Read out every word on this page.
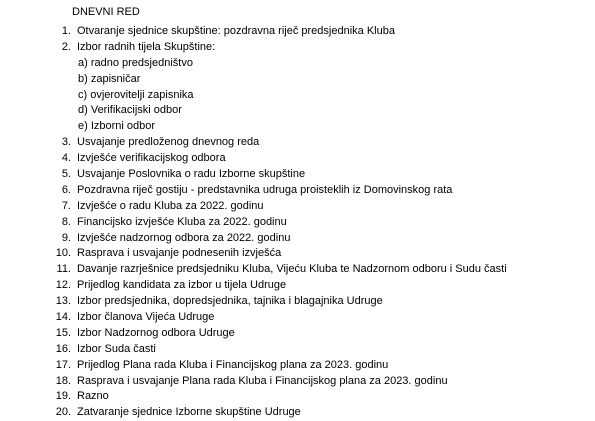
DNEVNI RED
1. Otvaranje sjednice skupštine: pozdravna riječ predsjednika Kluba
2. Izbor radnih tijela Skupštine:
a) radno predsjedništvo
b) zapisničar
c) ovjerovitelji zapisnika
d) Verifikacijski odbor
e) Izborni odbor
3. Usvajanje predloženog dnevnog reda
4. Izvješće verifikacijskog odbora
5. Usvajanje Poslovnika o radu Izborne skupštine
6. Pozdravna riječ gostiju - predstavnika udruga proisteklih iz Domovinskog rata
7. Izvješće o radu Kluba za 2022. godinu
8. Financijsko izvješće Kluba za 2022. godinu
9. Izvješće nadzornog odbora za 2022. godinu
10. Rasprava i usvajanje podnesenih izvješća
11. Davanje razrješnice predsjedniku Kluba, Vijeću Kluba te Nadzornom odboru i Sudu časti
12. Prijedlog kandidata za izbor u tijela Udruge
13. Izbor predsjednika, dopredsjednika, tajnika i blagajnika Udruge
14. Izbor članova Vijeća Udruge
15. Izbor Nadzornog odbora Udruge
16. Izbor Suda časti
17. Prijedlog Plana rada Kluba i Financijskog plana za 2023. godinu
18. Rasprava i usvajanje Plana rada Kluba i Financijskog plana za 2023. godinu
19. Razno
20. Zatvaranje sjednice Izborne skupštine Udruge
